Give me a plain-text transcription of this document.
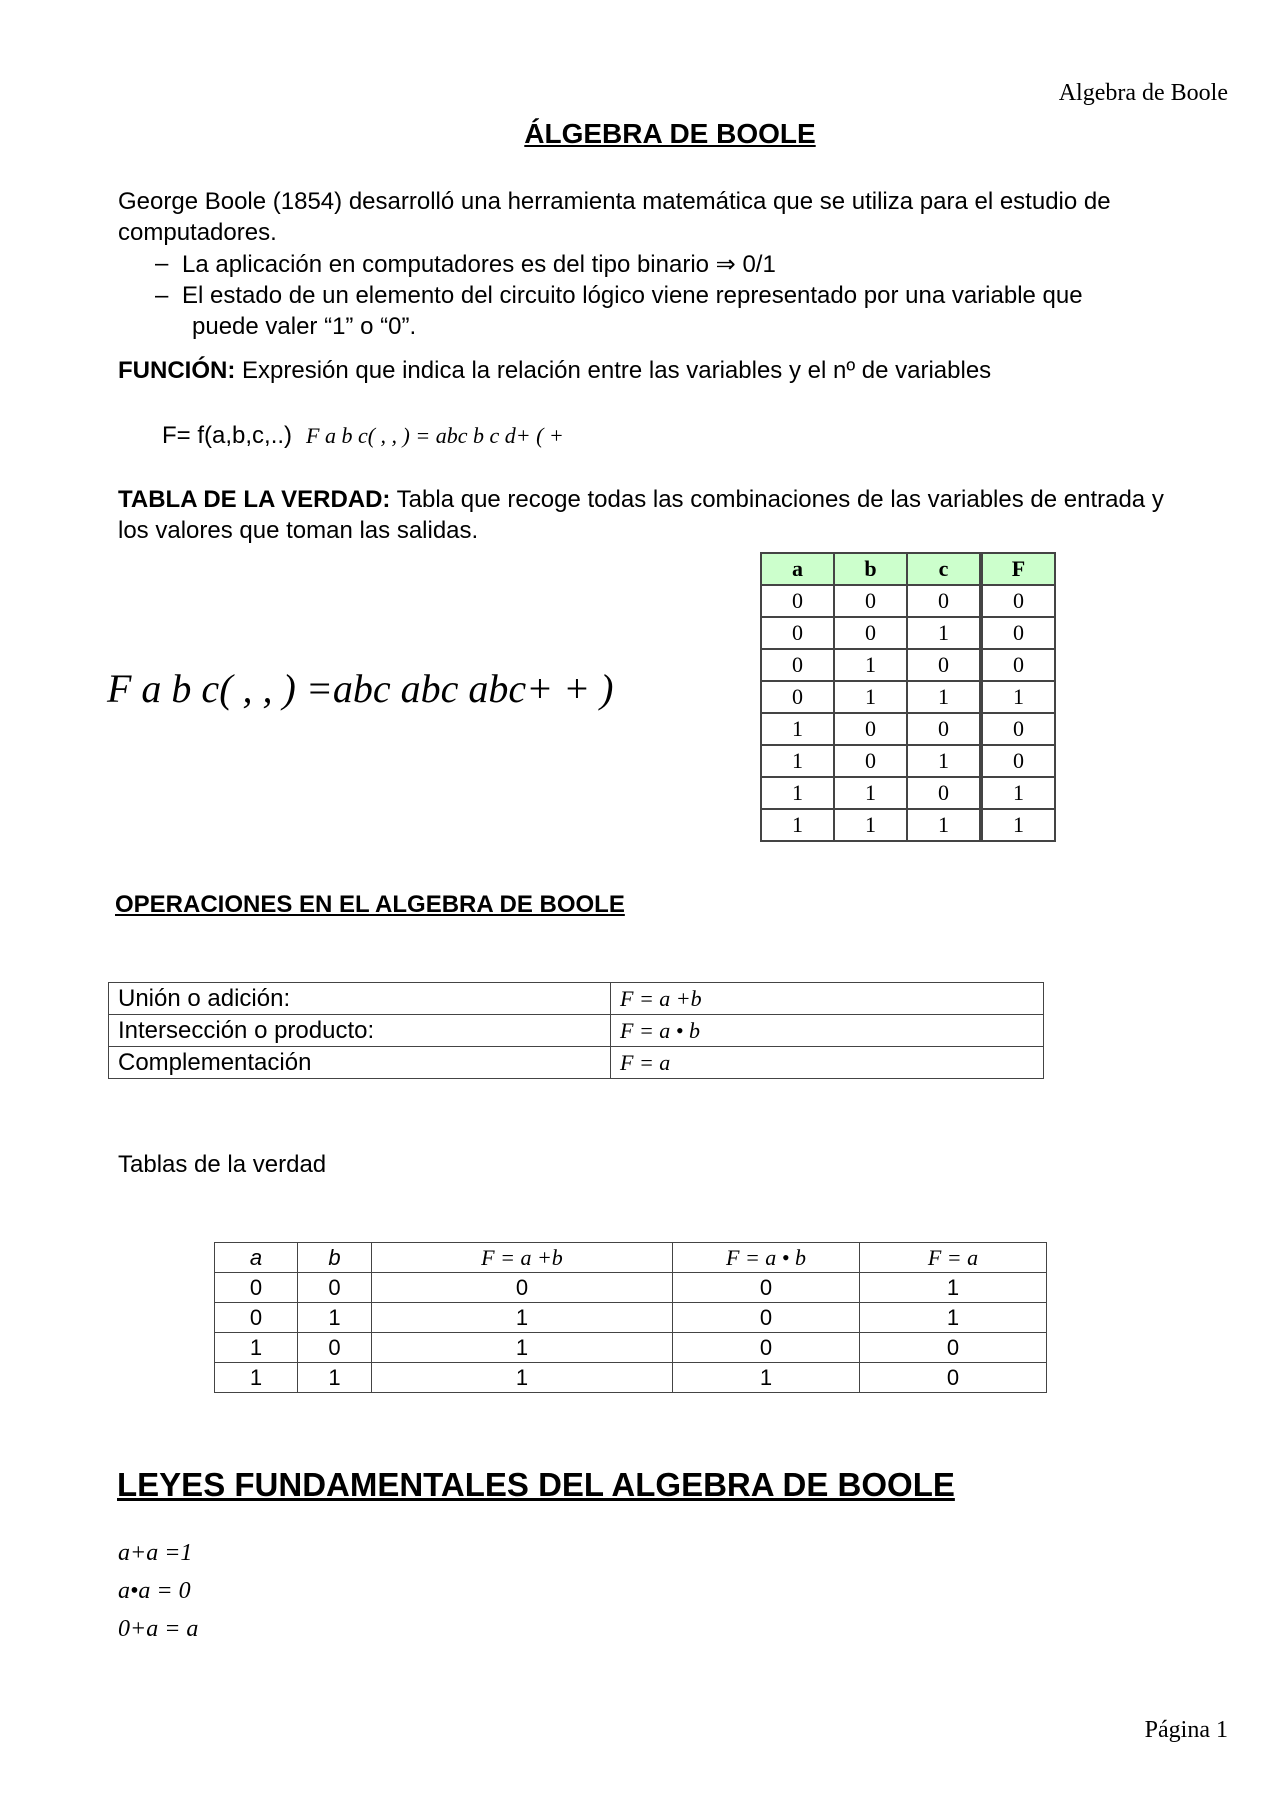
Algebra de Boole
ÁLGEBRA DE BOOLE
George Boole (1854) desarrolló una herramienta matemática que se utiliza para el estudio de computadores.
– La aplicación en computadores es del tipo binario ⇒ 0/1
– El estado de un elemento del circuito lógico viene representado por una variable que
puede valer “1” o “0”.
FUNCIÓN: Expresión que indica la relación entre las variables y el nº de variables
F= f(a,b,c,..) F a b c( , , ) = abc b c d+ ( +
TABLA DE LA VERDAD: Tabla que recoge todas las combinaciones de las variables de entrada y los valores que toman las salidas.
F a b c( , , ) =abc abc abc+ + )
a	b	c	F
0	0	0	0
0	0	1	0
0	1	0	0
0	1	1	1
1	0	0	0
1	0	1	0
1	1	0	1
1	1	1	1
OPERACIONES EN EL ALGEBRA DE BOOLE
Unión o adición:	F = a +b
Intersección o producto:	F = a • b
Complementación	F = a
Tablas de la verdad
a	b	F = a +b	F = a • b	F = a
0	0	0	0	1
0	1	1	0	1
1	0	1	0	0
1	1	1	1	0
LEYES FUNDAMENTALES DEL ALGEBRA DE BOOLE
a+a =1
a•a = 0
0+a = a
Página 1
